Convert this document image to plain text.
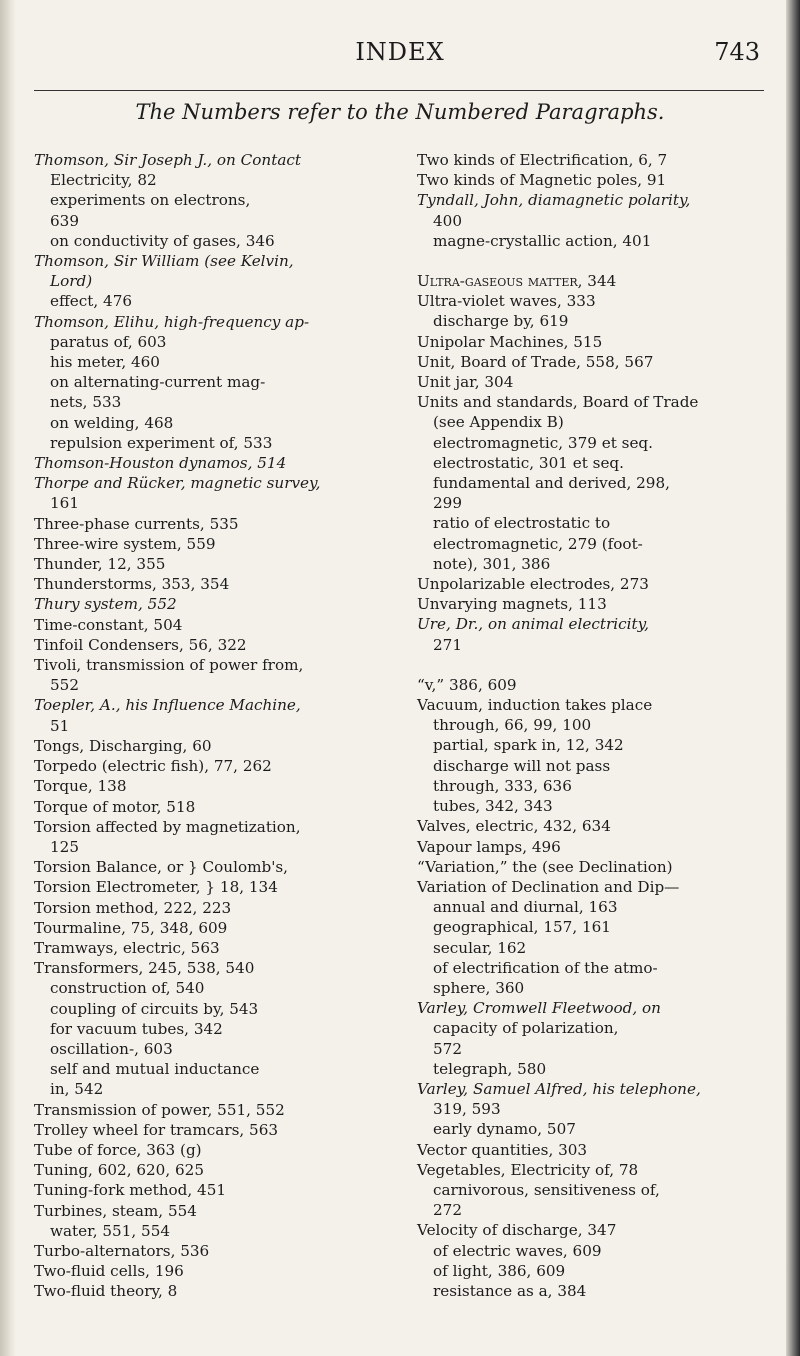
INDEX	743
The Numbers refer to the Numbered Paragraphs.

Thomson, Sir Joseph J., on Contact

Electricity, 82

experiments on electrons,

639

on conductivity of gases, 346

Thomson, Sir William (see Kelvin,

Lord)

effect, 476

Thomson, Elihu, high-frequency ap-

paratus of, 603

his meter, 460

on alternating-current mag-

nets, 533

on welding, 468

repulsion experiment of, 533

Thomson-Houston dynamos, 514

Thorpe and Rücker, magnetic survey,

161

Three-phase currents, 535

Three-wire system, 559

Thunder, 12, 355

Thunderstorms, 353, 354

Thury system, 552

Time-constant, 504

Tinfoil Condensers, 56, 322

Tivoli, transmission of power from,

552

Toepler, A., his Influence Machine,

51

Tongs, Discharging, 60

Torpedo (electric fish), 77, 262

Torque, 138

Torque of motor, 518

Torsion affected by magnetization,

125

Torsion Balance, or } Coulomb's,

Torsion Electrometer, } 18, 134

Torsion method, 222, 223

Tourmaline, 75, 348, 609

Tramways, electric, 563

Transformers, 245, 538, 540

construction of, 540

coupling of circuits by, 543

for vacuum tubes, 342

oscillation-, 603

self and mutual inductance

in, 542

Transmission of power, 551, 552

Trolley wheel for tramcars, 563

Tube of force, 363 (g)

Tuning, 602, 620, 625

Tuning-fork method, 451

Turbines, steam, 554

water, 551, 554

Turbo-alternators, 536

Two-fluid cells, 196

Two-fluid theory, 8

Two kinds of Electrification, 6, 7

Two kinds of Magnetic poles, 91

Tyndall, John, diamagnetic polarity,

400

magne-crystallic action, 401

Ultra-gaseous matter, 344

Ultra-violet waves, 333

discharge by, 619

Unipolar Machines, 515

Unit, Board of Trade, 558, 567

Unit jar, 304

Units and standards, Board of Trade

(see Appendix B)

electromagnetic, 379 et seq.

electrostatic, 301 et seq.

fundamental and derived, 298,

299

ratio of electrostatic to

electromagnetic, 279 (foot-

note), 301, 386

Unpolarizable electrodes, 273

Unvarying magnets, 113

Ure, Dr., on animal electricity,

271

“v,” 386, 609

Vacuum, induction takes place

through, 66, 99, 100

partial, spark in, 12, 342

discharge will not pass

through, 333, 636

tubes, 342, 343

Valves, electric, 432, 634

Vapour lamps, 496

“Variation,” the (see Declination)

Variation of Declination and Dip—

annual and diurnal, 163

geographical, 157, 161

secular, 162

of electrification of the atmo-

sphere, 360

Varley, Cromwell Fleetwood, on

capacity of polarization,

572

telegraph, 580

Varley, Samuel Alfred, his telephone,

319, 593

early dynamo, 507

Vector quantities, 303

Vegetables, Electricity of, 78

carnivorous, sensitiveness of,

272

Velocity of discharge, 347

of electric waves, 609

of light, 386, 609

resistance as a, 384
